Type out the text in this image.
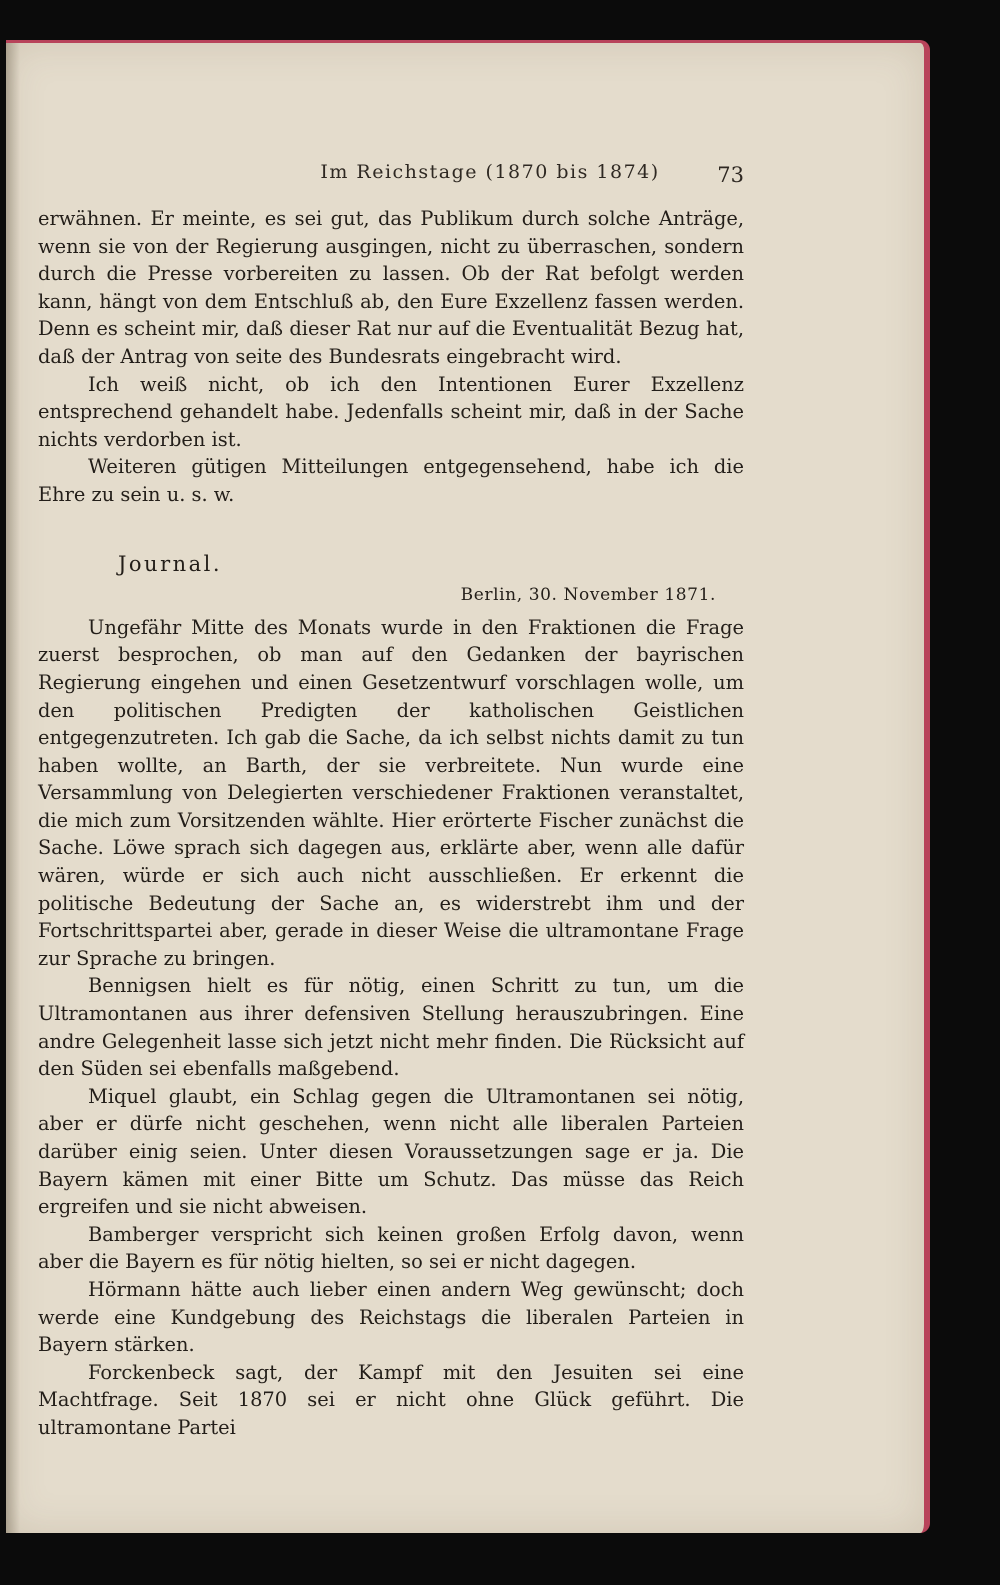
Im Reichstage (1870 bis 1874)	73

erwähnen. Er meinte, es sei gut, das Publikum durch solche Anträge, wenn sie von der Regierung ausgingen, nicht zu überraschen, sondern durch die Presse vorbereiten zu lassen. Ob der Rat befolgt werden kann, hängt von dem Entschluß ab, den Eure Exzellenz fassen werden. Denn es scheint mir, daß dieser Rat nur auf die Eventualität Bezug hat, daß der Antrag von seite des Bundesrats eingebracht wird.

Ich weiß nicht, ob ich den Intentionen Eurer Exzellenz entsprechend gehandelt habe. Jedenfalls scheint mir, daß in der Sache nichts verdorben ist.

Weiteren gütigen Mitteilungen entgegensehend, habe ich die Ehre zu sein u. s. w.

Journal.

Berlin, 30. November 1871.

Ungefähr Mitte des Monats wurde in den Fraktionen die Frage zuerst besprochen, ob man auf den Gedanken der bayrischen Regierung eingehen und einen Gesetzentwurf vorschlagen wolle, um den politischen Predigten der katholischen Geistlichen entgegenzutreten. Ich gab die Sache, da ich selbst nichts damit zu tun haben wollte, an Barth, der sie verbreitete. Nun wurde eine Versammlung von Delegierten verschiedener Fraktionen veranstaltet, die mich zum Vorsitzenden wählte. Hier erörterte Fischer zunächst die Sache. Löwe sprach sich dagegen aus, erklärte aber, wenn alle dafür wären, würde er sich auch nicht ausschließen. Er erkennt die politische Bedeutung der Sache an, es widerstrebt ihm und der Fortschrittspartei aber, gerade in dieser Weise die ultramontane Frage zur Sprache zu bringen.

Bennigsen hielt es für nötig, einen Schritt zu tun, um die Ultramontanen aus ihrer defensiven Stellung herauszubringen. Eine andre Gelegenheit lasse sich jetzt nicht mehr finden. Die Rücksicht auf den Süden sei ebenfalls maßgebend.

Miquel glaubt, ein Schlag gegen die Ultramontanen sei nötig, aber er dürfe nicht geschehen, wenn nicht alle liberalen Parteien darüber einig seien. Unter diesen Voraussetzungen sage er ja. Die Bayern kämen mit einer Bitte um Schutz. Das müsse das Reich ergreifen und sie nicht abweisen.

Bamberger verspricht sich keinen großen Erfolg davon, wenn aber die Bayern es für nötig hielten, so sei er nicht dagegen.

Hörmann hätte auch lieber einen andern Weg gewünscht; doch werde eine Kundgebung des Reichstags die liberalen Parteien in Bayern stärken.

Forckenbeck sagt, der Kampf mit den Jesuiten sei eine Machtfrage. Seit 1870 sei er nicht ohne Glück geführt. Die ultramontane Partei
